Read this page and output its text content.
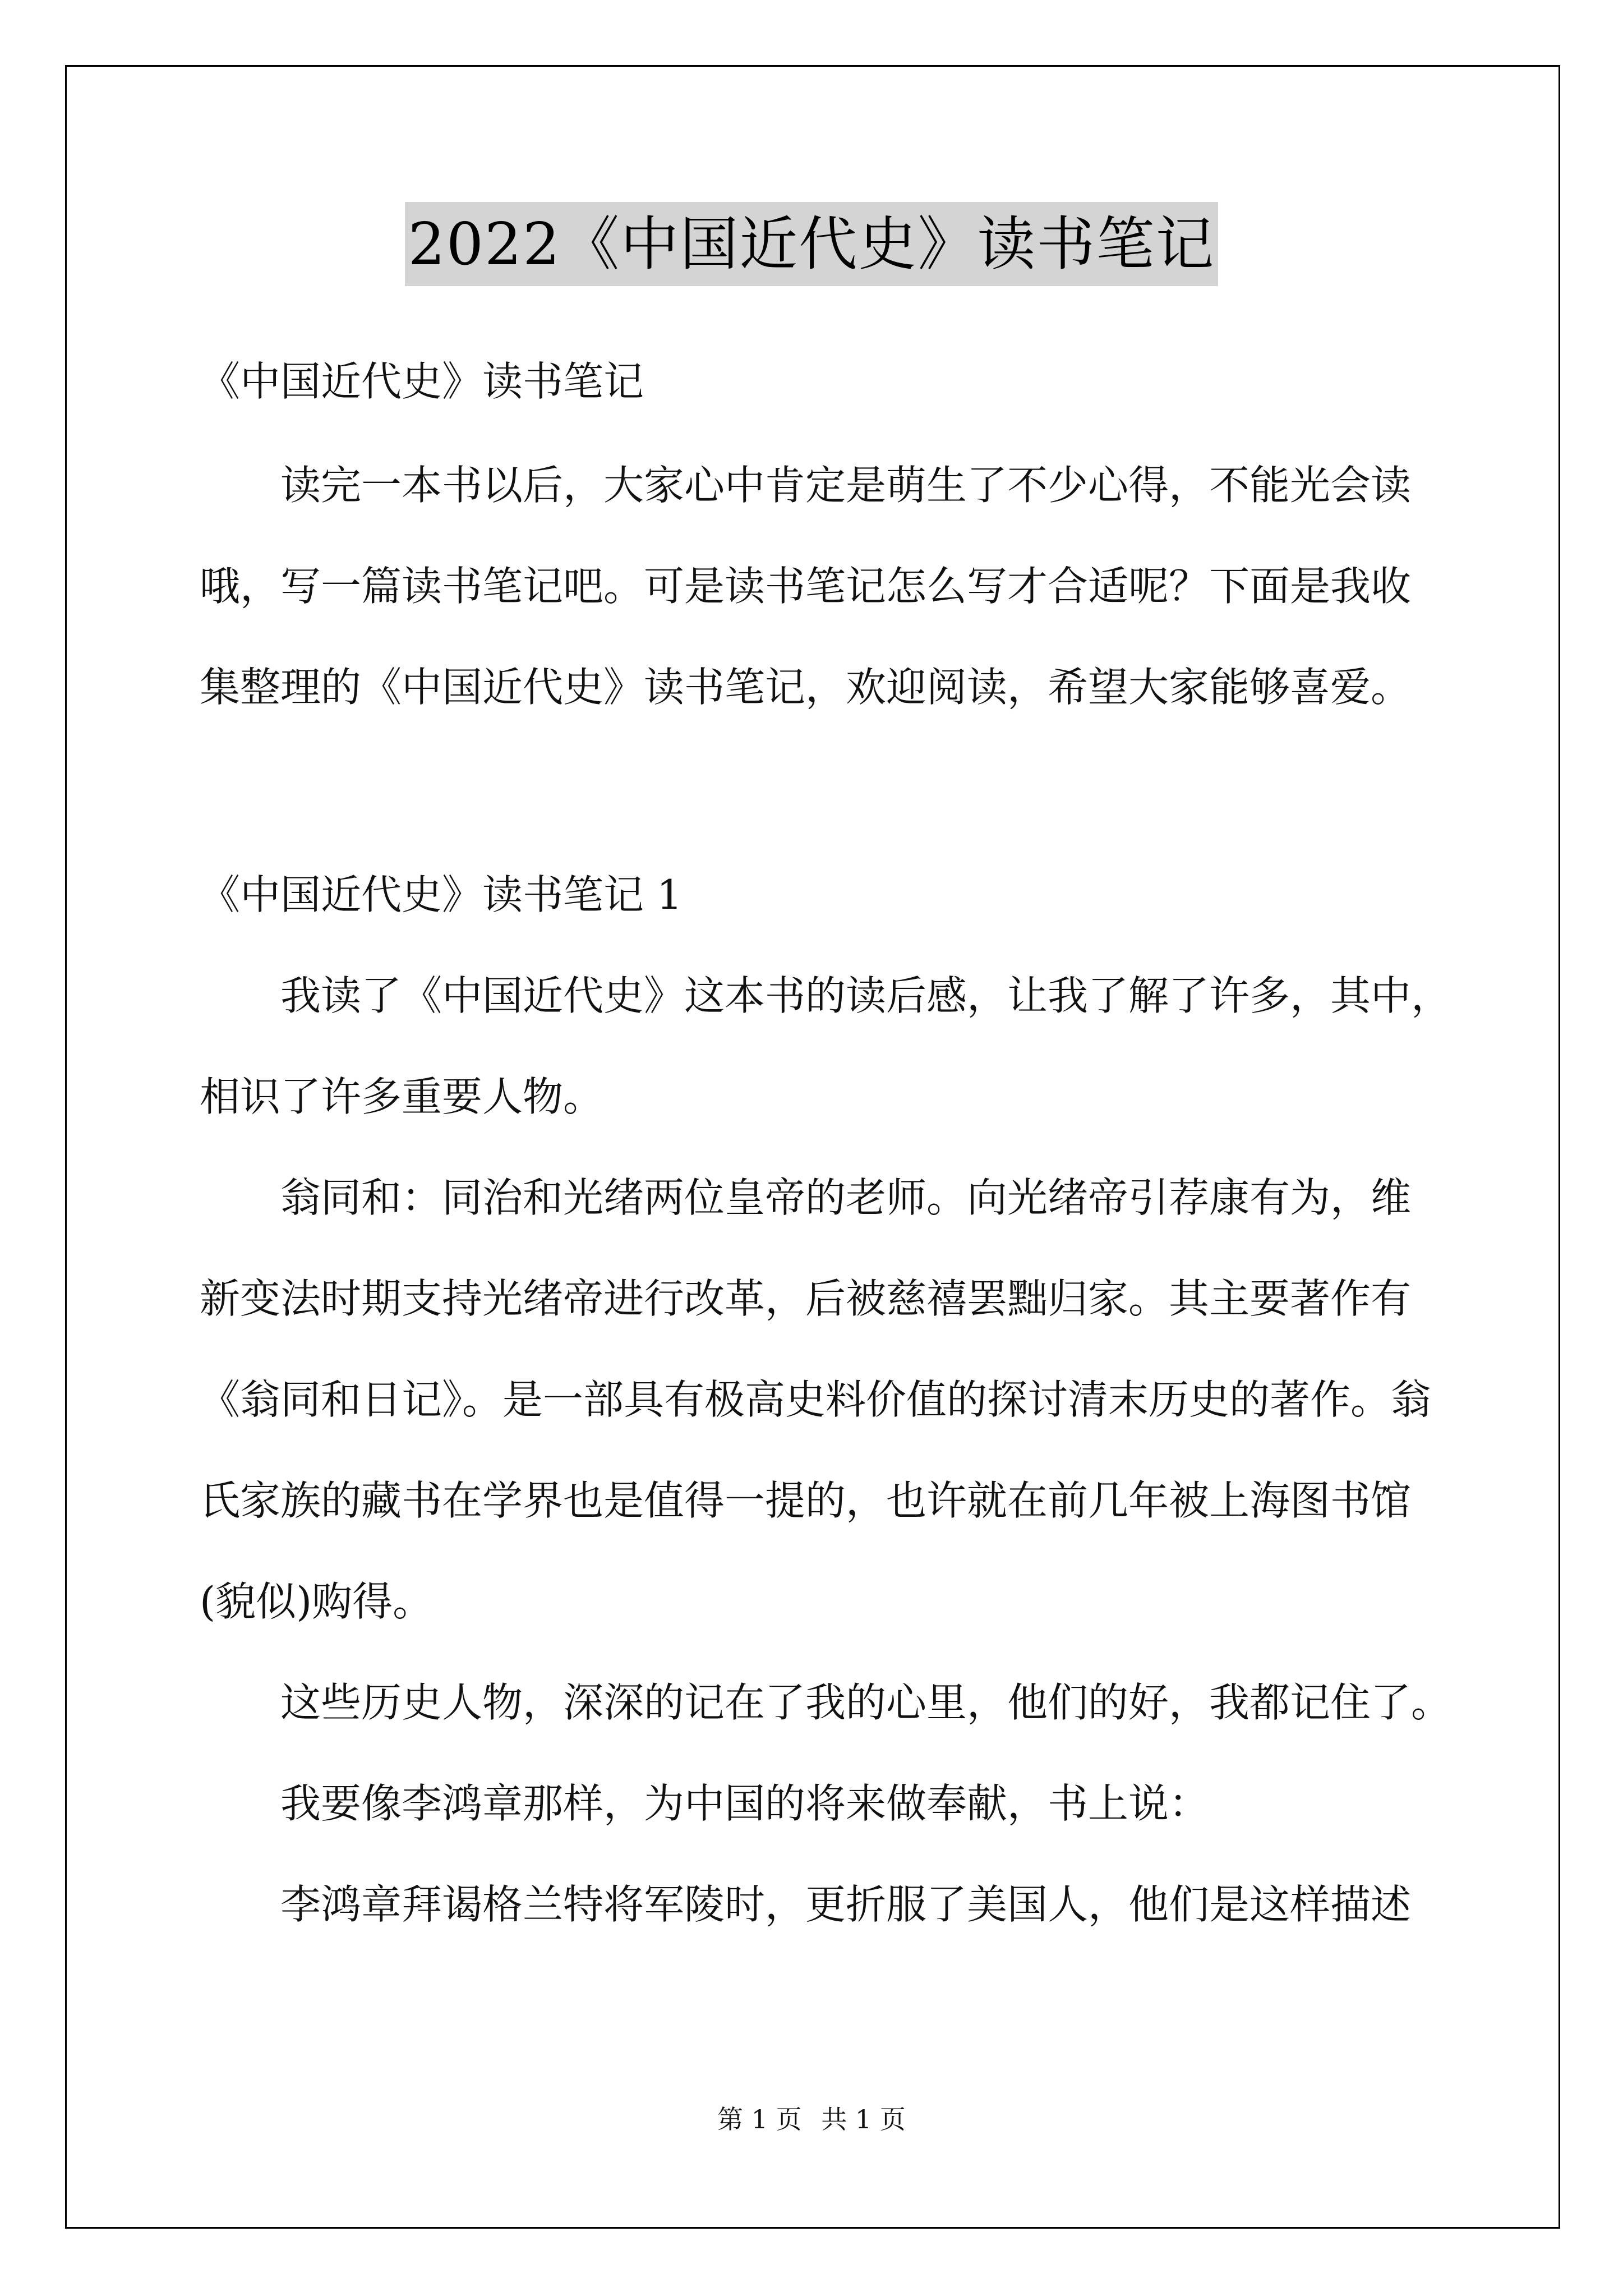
2022《中国近代史》读书笔记
《中国近代史》读书笔记
读完一本书以后，大家心中肯定是萌生了不少心得，不能光会读
哦，写一篇读书笔记吧。可是读书笔记怎么写才合适呢？下面是我收
集整理的《中国近代史》读书笔记，欢迎阅读，希望大家能够喜爱。
《中国近代史》读书笔记 1
我读了《中国近代史》这本书的读后感，让我了解了许多，其中，
相识了许多重要人物。
翁同和：同治和光绪两位皇帝的老师。向光绪帝引荐康有为，维
新变法时期支持光绪帝进行改革，后被慈禧罢黜归家。其主要著作有
《翁同和日记》。是一部具有极高史料价值的探讨清末历史的著作。翁
氏家族的藏书在学界也是值得一提的，也许就在前几年被上海图书馆
(貌似)购得。
这些历史人物，深深的记在了我的心里，他们的好，我都记住了。
我要像李鸿章那样，为中国的将来做奉献，书上说：
李鸿章拜谒格兰特将军陵时，更折服了美国人，他们是这样描述
第 1 页 共 1 页
